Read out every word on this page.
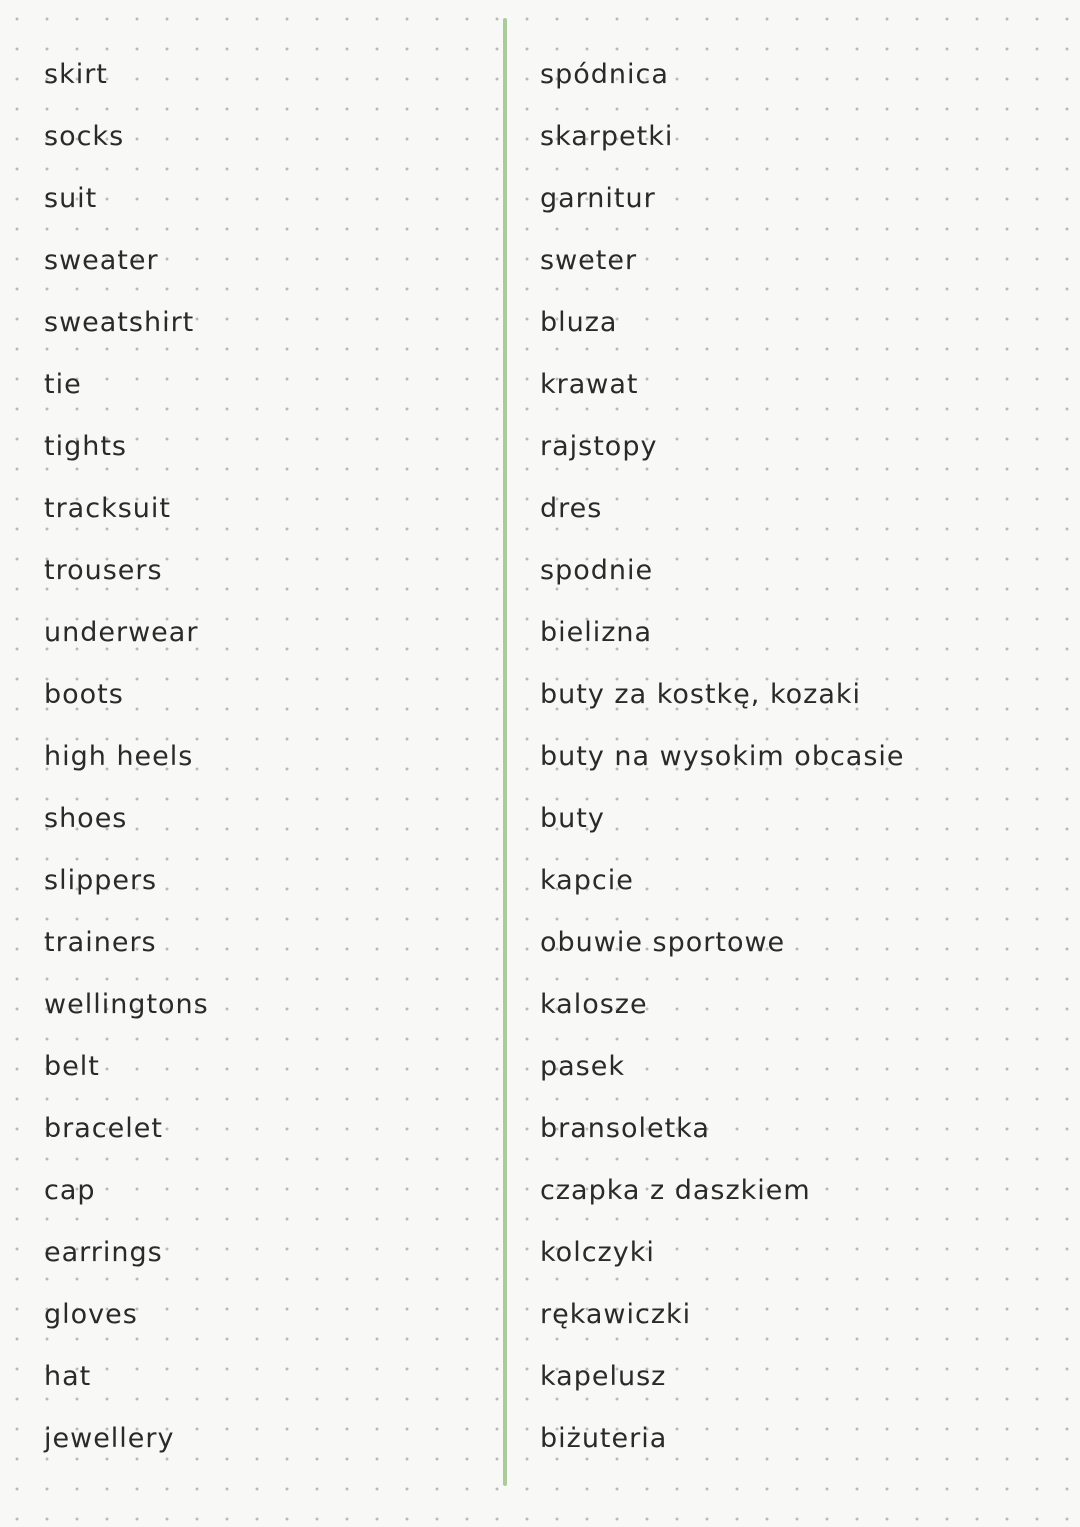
skirt
socks
suit
sweater
sweatshirt
tie
tights
tracksuit
trousers
underwear
boots
high heels
shoes
slippers
trainers
wellingtons
belt
bracelet
cap
earrings
gloves
hat
jewellery
spódnica
skarpetki
garnitur
sweter
bluza
krawat
rajstopy
dres
spodnie
bielizna
buty za kostkę, kozaki
buty na wysokim obcasie
buty
kapcie
obuwie sportowe
kalosze
pasek
bransoletka
czapka z daszkiem
kolczyki
rękawiczki
kapelusz
biżuteria
